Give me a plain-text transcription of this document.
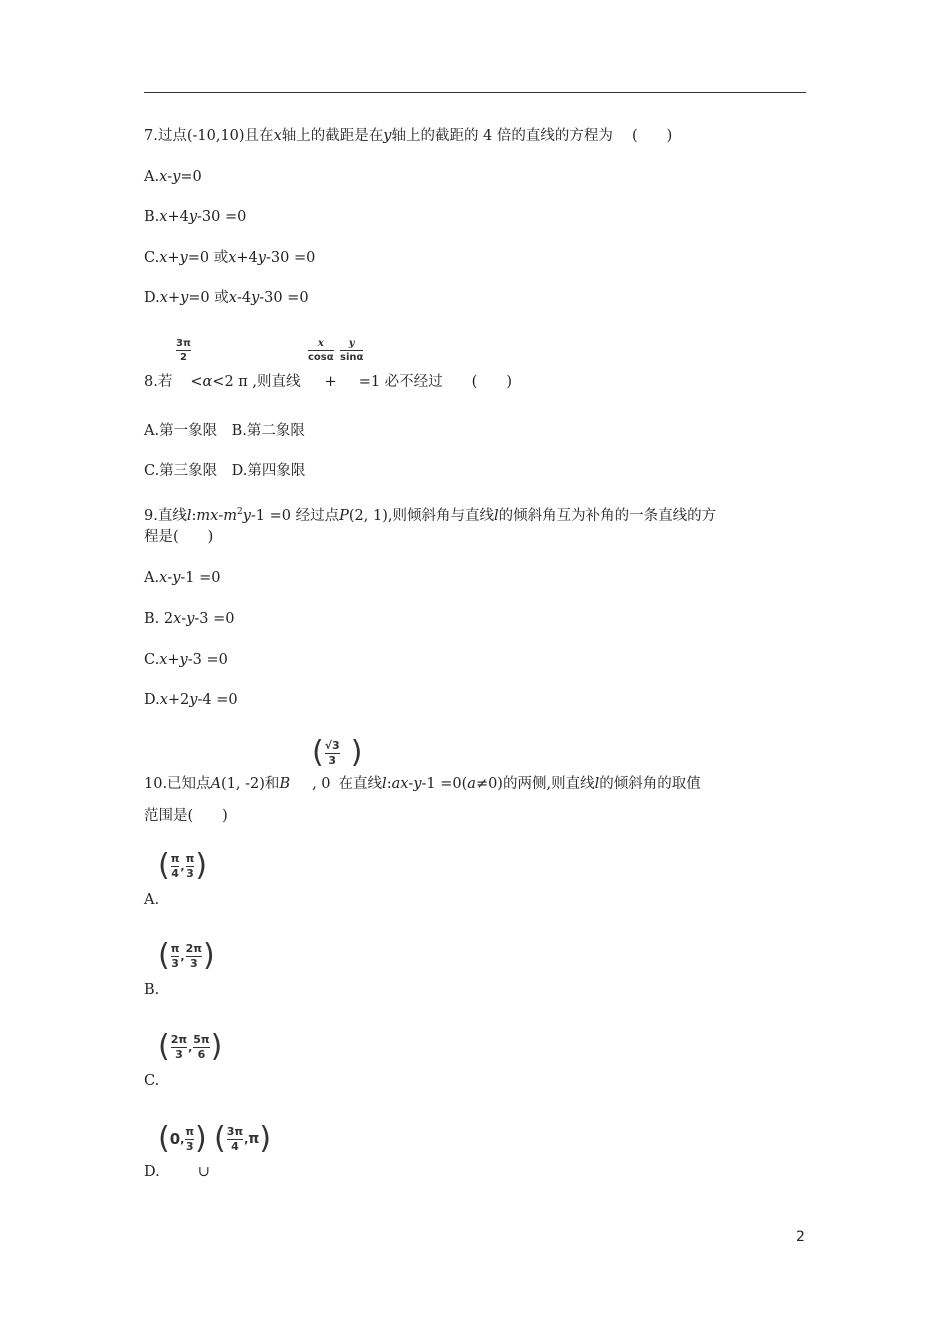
7.过点(-10,10)且在x轴上的截距是在y轴上的截距的 4 倍的直线的方程为　 (　　)
A.x-y=0
B.x+4y-30 =0
C.x+y=0 或x+4y-30 =0
D.x+y=0 或x-4y-30 =0
3π
2
x
cosα
y
sinα
8.若 <α<2 π ,则直线 + =1 必不经过　　(　　)
A.第一象限　B.第二象限
C.第三象限　D.第四象限
9.直线$l:mx-m^2y-1 =0$ 经过点P(2, 1),则倾斜角与直线l的倾斜角互为补角的一条直线的方
程是(　　)
A.x-y-1 =0
B. 2x-y-3 =0
C.x+y-3 =0
D.x+2y-4 =0
( √3
3 )
10.已知点A(1, -2)和B , 0 在直线l:ax-y-1 =0(a≠0)的两侧,则直线l的倾斜角的取值
范围是(　　)
( π
4
,
π
3 )
A.
( π
3
,
2π
3 )
B.
( 2π
3
,
5π
6 )
C.
( 0 ,
π
3 ) ( 3π
4
, π )
D.	∪
2
